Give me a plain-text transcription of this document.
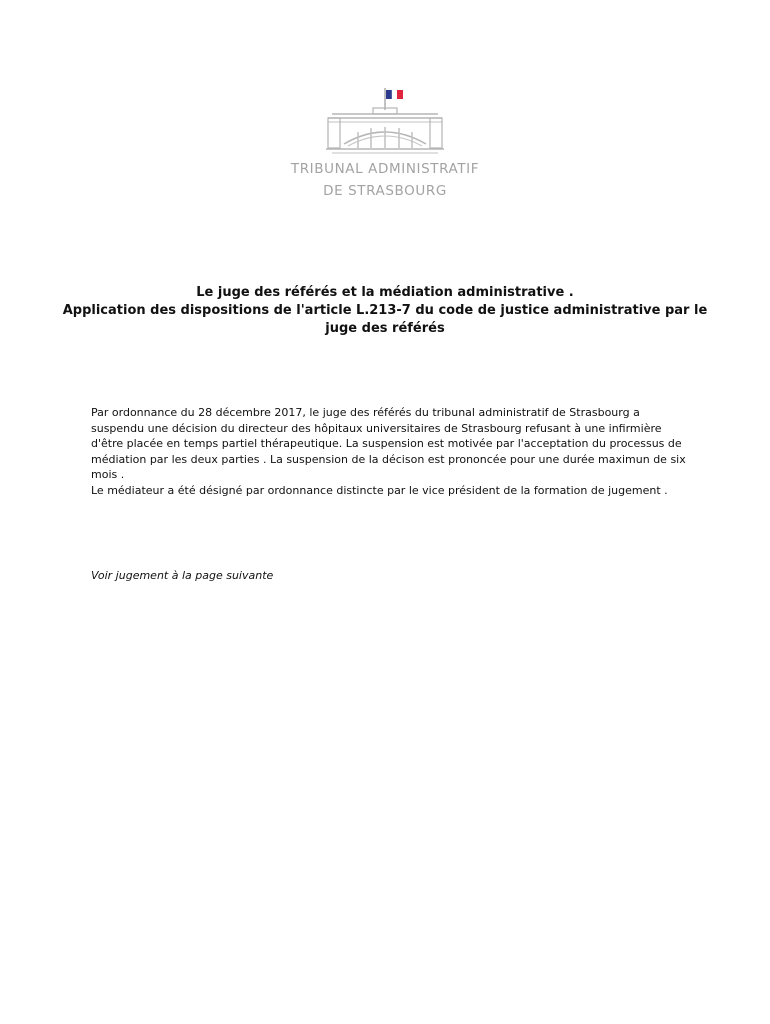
TRIBUNAL ADMINISTRATIF
DE STRASBOURG
Le juge des référés et la médiation administrative .
Application des dispositions de l'article L.213-7 du code de justice administrative par le
juge des référés
Par ordonnance du 28 décembre 2017, le juge des référés du tribunal administratif de Strasbourg a
suspendu une décision du directeur des hôpitaux universitaires de Strasbourg refusant à une infirmière
d'être placée en temps partiel thérapeutique. La suspension est motivée par l'acceptation du processus de
médiation par les deux parties . La suspension de la décison est prononcée pour une durée maximun de six
mois .
Le médiateur a été désigné par ordonnance distincte par le vice président de la formation de jugement .
Voir jugement à la page suivante
